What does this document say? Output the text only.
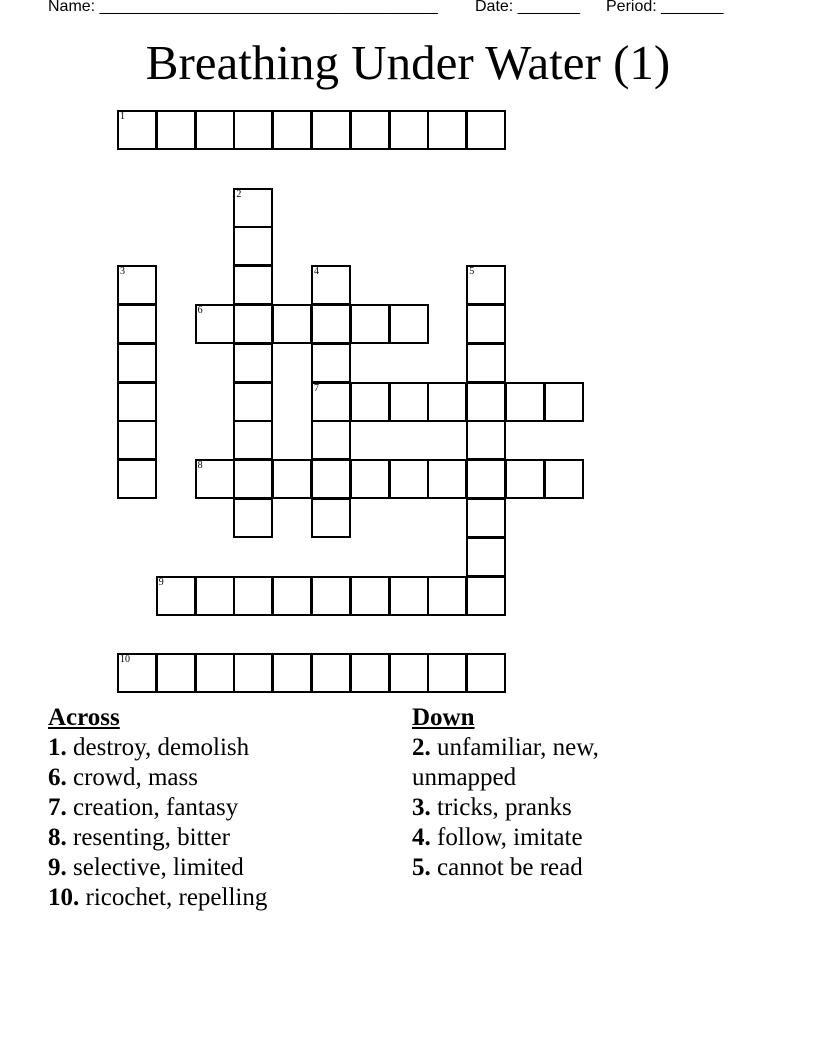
Name: ______________________________________ Date: _______ Period: _______
Breathing Under Water (1)
1
2
3	4
7
5
6
8
9
10
Across
1. destroy, demolish
6. crowd, mass
7. creation, fantasy
8. resenting, bitter
9. selective, limited
10. ricochet, repelling
Down
2. unfamiliar, new, unmapped
3. tricks, pranks
4. follow, imitate
5. cannot be read
